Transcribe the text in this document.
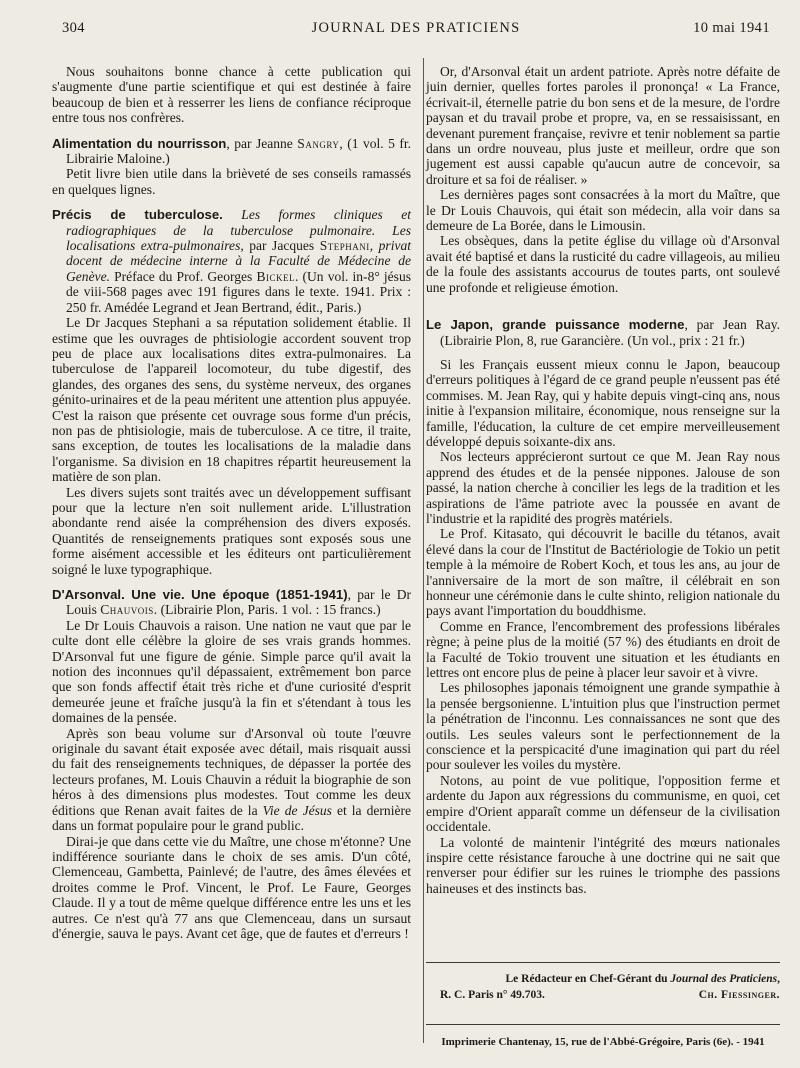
304	JOURNAL DES PRATICIENS	10 mai 1941

Nous souhaitons bonne chance à cette publication qui s'augmente d'une partie scientifique et qui est destinée à faire beaucoup de bien et à resserrer les liens de confiance réciproque entre tous nos confrères.

Alimentation du nourrisson, par Jeanne Sangry, (1 vol. 5 fr. Librairie Maloine.)

Petit livre bien utile dans la brièveté de ses conseils ramassés en quelques lignes.

Précis de tuberculose. Les formes cliniques et radiographiques de la tuberculose pulmonaire. Les localisations extra-pulmonaires, par Jacques Stephani, privat docent de médecine interne à la Faculté de Médecine de Genève. Préface du Prof. Georges Bickel. (Un vol. in-8° jésus de viii-568 pages avec 191 figures dans le texte. 1941. Prix : 250 fr. Amédée Legrand et Jean Bertrand, édit., Paris.)

Le Dr Jacques Stephani a sa réputation solidement établie. Il estime que les ouvrages de phtisiologie accordent souvent trop peu de place aux localisations dites extra-pulmonaires. La tuberculose de l'appareil locomoteur, du tube digestif, des glandes, des organes des sens, du système nerveux, des organes génito-urinaires et de la peau méritent une attention plus appuyée. C'est la raison que présente cet ouvrage sous forme d'un précis, non pas de phtisiologie, mais de tuberculose. A ce titre, il traite, sans exception, de toutes les localisations de la maladie dans l'organisme. Sa division en 18 chapitres répartit heureusement la matière de son plan.

Les divers sujets sont traités avec un développement suffisant pour que la lecture n'en soit nullement aride. L'illustration abondante rend aisée la compréhension des divers exposés. Quantités de renseignements pratiques sont exposés sous une forme aisément accessible et les éditeurs ont particulièrement soigné le luxe typographique.

D'Arsonval. Une vie. Une époque (1851-1941), par le Dr Louis Chauvois. (Librairie Plon, Paris. 1 vol. : 15 francs.)

Le Dr Louis Chauvois a raison. Une nation ne vaut que par le culte dont elle célèbre la gloire de ses vrais grands hommes. D'Arsonval fut une figure de génie. Simple parce qu'il avait la notion des inconnues qu'il dépassaient, extrêmement bon parce que son fonds affectif était très riche et d'une curiosité d'esprit demeurée jeune et fraîche jusqu'à la fin et s'étendant à tous les domaines de la pensée.

Après son beau volume sur d'Arsonval où toute l'œuvre originale du savant était exposée avec détail, mais risquait aussi du fait des renseignements techniques, de dépasser la portée des lecteurs profanes, M. Louis Chauvin a réduit la biographie de son héros à des dimensions plus modestes. Tout comme les deux éditions que Renan avait faites de la Vie de Jésus et la dernière dans un format populaire pour le grand public.

Dirai-je que dans cette vie du Maître, une chose m'étonne? Une indifférence souriante dans le choix de ses amis. D'un côté, Clemenceau, Gambetta, Painlevé; de l'autre, des âmes élevées et droites comme le Prof. Vincent, le Prof. Le Faure, Georges Claude. Il y a tout de même quelque différence entre les uns et les autres. Ce n'est qu'à 77 ans que Clemenceau, dans un sursaut d'énergie, sauva le pays. Avant cet âge, que de fautes et d'erreurs !

Or, d'Arsonval était un ardent patriote. Après notre défaite de juin dernier, quelles fortes paroles il prononça! « La France, écrivait-il, éternelle patrie du bon sens et de la mesure, de l'ordre paysan et du travail probe et propre, va, en se ressaisissant, en devenant purement française, revivre et tenir noblement sa partie dans un ordre nouveau, plus juste et meilleur, ordre que son jugement est aussi capable qu'aucun autre de concevoir, sa droiture et sa foi de réaliser. »

Les dernières pages sont consacrées à la mort du Maître, que le Dr Louis Chauvois, qui était son médecin, alla voir dans sa demeure de La Borée, dans le Limousin.

Les obsèques, dans la petite église du village où d'Arsonval avait été baptisé et dans la rusticité du cadre villageois, au milieu de la foule des assistants accourus de toutes parts, ont soulevé une profonde et religieuse émotion.

Le Japon, grande puissance moderne, par Jean Ray. (Librairie Plon, 8, rue Garancière. (Un vol., prix : 21 fr.)

Si les Français eussent mieux connu le Japon, beaucoup d'erreurs politiques à l'égard de ce grand peuple n'eussent pas été commises. M. Jean Ray, qui y habite depuis vingt-cinq ans, nous initie à l'expansion militaire, économique, nous renseigne sur la famille, l'éducation, la culture de cet empire merveilleusement développé depuis soixante-dix ans.

Nos lecteurs apprécieront surtout ce que M. Jean Ray nous apprend des études et de la pensée nippones. Jalouse de son passé, la nation cherche à concilier les legs de la tradition et les aspirations de l'âme patriote avec la poussée en avant de l'industrie et la rapidité des progrès matériels.

Le Prof. Kitasato, qui découvrit le bacille du tétanos, avait élevé dans la cour de l'Institut de Bactériologie de Tokio un petit temple à la mémoire de Robert Koch, et tous les ans, au jour de l'anniversaire de la mort de son maître, il célébrait en son honneur une cérémonie dans le culte shinto, religion nationale du pays avant l'importation du bouddhisme.

Comme en France, l'encombrement des professions libérales règne; à peine plus de la moitié (57 %) des étudiants en droit de la Faculté de Tokio trouvent une situation et les étudiants en lettres ont encore plus de peine à placer leur savoir et à vivre.

Les philosophes japonais témoignent une grande sympathie à la pensée bergsonienne. L'intuition plus que l'instruction permet la pénétration de l'inconnu. Les connaissances ne sont que des outils. Les seules valeurs sont le perfectionnement de la conscience et la perspicacité d'une imagination qui part du réel pour soulever les voiles du mystère.

Notons, au point de vue politique, l'opposition ferme et ardente du Japon aux régressions du communisme, en quoi, cet empire d'Orient apparaît comme un défenseur de la civilisation occidentale.

La volonté de maintenir l'intégrité des mœurs nationales inspire cette résistance farouche à une doctrine qui ne sait que renverser pour édifier sur les ruines le triomphe des passions haineuses et des instincts bas.

Le Rédacteur en Chef-Gérant du Journal des Praticiens,
R. C. Paris n° 49.703.	Ch. Fiessinger.
Imprimerie Chantenay, 15, rue de l'Abbé-Grégoire, Paris (6e). - 1941
